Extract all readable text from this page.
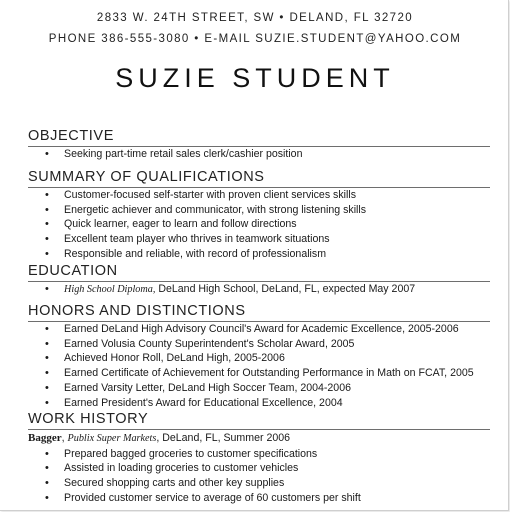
2833 W. 24TH STREET, SW • DELAND, FL 32720
PHONE 386-555-3080 • E-MAIL SUZIE.STUDENT@YAHOO.COM
SUZIE STUDENT
OBJECTIVE
• Seeking part-time retail sales clerk/cashier position
SUMMARY OF QUALIFICATIONS
• Customer-focused self-starter with proven client services skills
• Energetic achiever and communicator, with strong listening skills
• Quick learner, eager to learn and follow directions
• Excellent team player who thrives in teamwork situations
• Responsible and reliable, with record of professionalism
EDUCATION
• High School Diploma, DeLand High School, DeLand, FL, expected May 2007
HONORS AND DISTINCTIONS
• Earned DeLand High Advisory Council's Award for Academic Excellence, 2005-2006
• Earned Volusia County Superintendent's Scholar Award, 2005
• Achieved Honor Roll, DeLand High, 2005-2006
• Earned Certificate of Achievement for Outstanding Performance in Math on FCAT, 2005
• Earned Varsity Letter, DeLand High Soccer Team, 2004-2006
• Earned President's Award for Educational Excellence, 2004
WORK HISTORY
Bagger, Publix Super Markets, DeLand, FL, Summer 2006
• Prepared bagged groceries to customer specifications
• Assisted in loading groceries to customer vehicles
• Secured shopping carts and other key supplies
• Provided customer service to average of 60 customers per shift
